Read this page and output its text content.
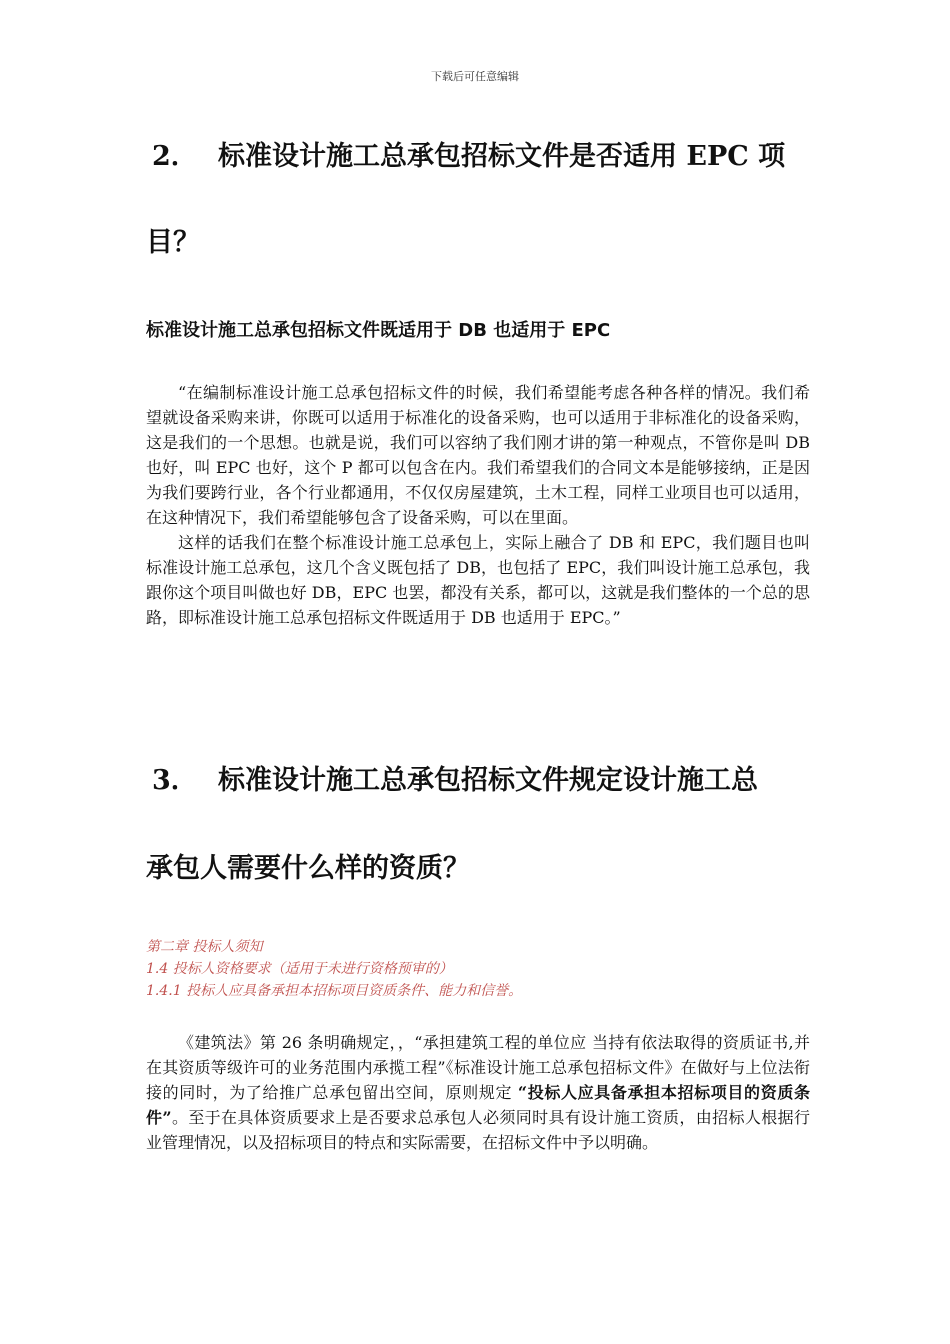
下载后可任意编辑
2． 标准设计施工总承包招标文件是否适用 EPC 项
目？
标准设计施工总承包招标文件既适用于 DB 也适用于 EPC

“在编制标准设计施工总承包招标文件的时候，我们希望能考虑各种各样的情况。我们希望就设备采购来讲，你既可以适用于标准化的设备采购，也可以适用于非标准化的设备采购，这是我们的一个思想。也就是说，我们可以容纳了我们刚才讲的第一种观点，不管你是叫 DB 也好，叫 EPC 也好，这个 P 都可以包含在内。我们希望我们的合同文本是能够接纳，正是因为我们要跨行业，各个行业都通用，不仅仅房屋建筑，土木工程，同样工业项目也可以适用，在这种情况下，我们希望能够包含了设备采购，可以在里面。

这样的话我们在整个标准设计施工总承包上，实际上融合了 DB 和 EPC，我们题目也叫标准设计施工总承包，这几个含义既包括了 DB，也包括了 EPC，我们叫设计施工总承包，我跟你这个项目叫做也好 DB，EPC 也罢，都没有关系，都可以，这就是我们整体的一个总的思路，即标准设计施工总承包招标文件既适用于 DB 也适用于 EPC。”

3． 标准设计施工总承包招标文件规定设计施工总
承包人需要什么样的资质？
第二章 投标人须知
1.4 投标人资格要求（适用于未进行资格预审的）
1.4.1 投标人应具备承担本招标项目资质条件、能力和信誉。

《建筑法》第 26 条明确规定，，“承担建筑工程的单位应 当持有依法取得的资质证书,并在其资质等级许可的业务范围内承揽工程”《标准设计施工总承包招标文件》在做好与上位法衔接的同时，为了给推广总承包留出空间，原则规定 “投标人应具备承担本招标项目的资质条件”。至于在具体资质要求上是否要求总承包人必须同时具有设计施工资质，由招标人根据行业管理情况，以及招标项目的特点和实际需要，在招标文件中予以明确。
